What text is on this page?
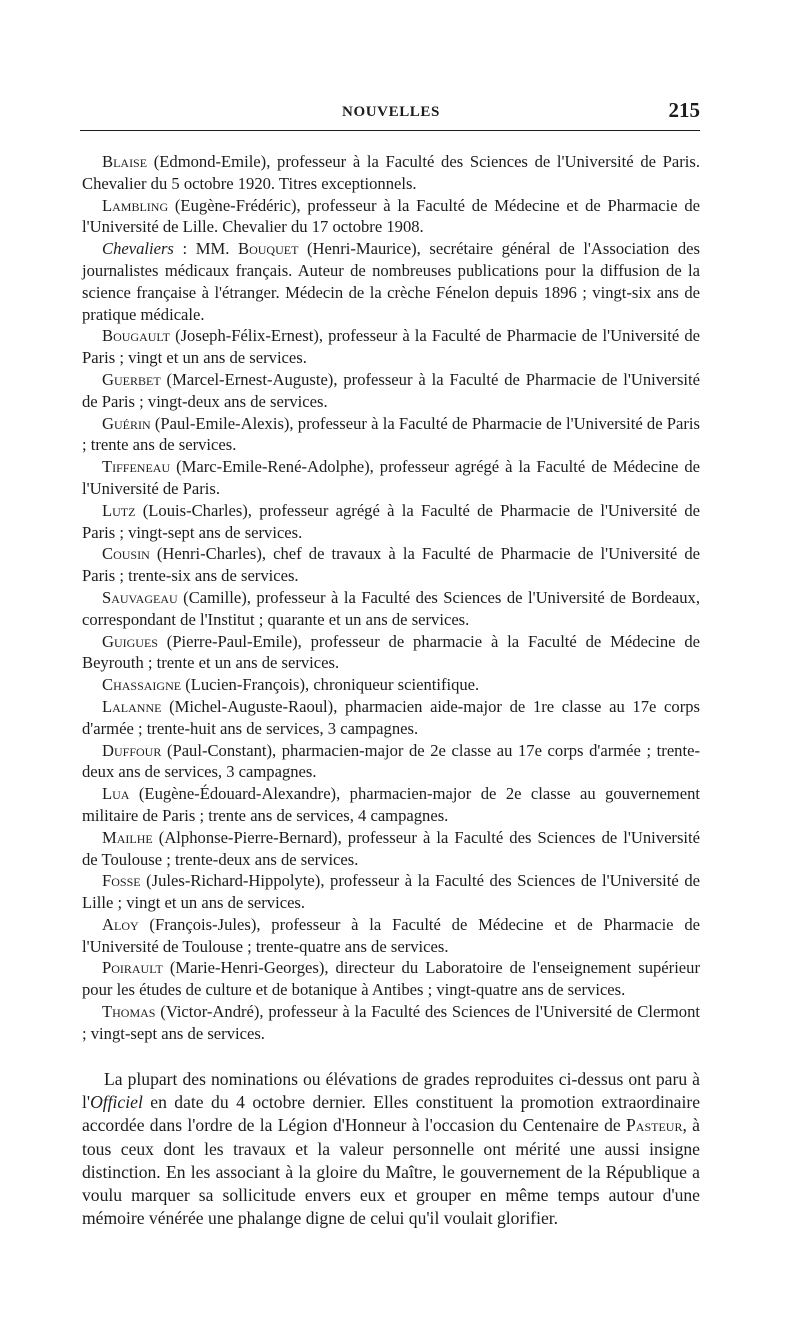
NOUVELLES	215

Blaise (Edmond-Emile), professeur à la Faculté des Sciences de l'Université de Paris. Chevalier du 5 octobre 1920. Titres exceptionnels.

Lambling (Eugène-Frédéric), professeur à la Faculté de Médecine et de Pharmacie de l'Université de Lille. Chevalier du 17 octobre 1908.

Chevaliers : MM. Bouquet (Henri-Maurice), secrétaire général de l'Association des journalistes médicaux français. Auteur de nombreuses publications pour la diffusion de la science française à l'étranger. Médecin de la crèche Fénelon depuis 1896 ; vingt-six ans de pratique médicale.

Bougault (Joseph-Félix-Ernest), professeur à la Faculté de Pharmacie de l'Université de Paris ; vingt et un ans de services.

Guerbet (Marcel-Ernest-Auguste), professeur à la Faculté de Pharmacie de l'Université de Paris ; vingt-deux ans de services.

Guérin (Paul-Emile-Alexis), professeur à la Faculté de Pharmacie de l'Université de Paris ; trente ans de services.

Tiffeneau (Marc-Emile-René-Adolphe), professeur agrégé à la Faculté de Médecine de l'Université de Paris.

Lutz (Louis-Charles), professeur agrégé à la Faculté de Pharmacie de l'Université de Paris ; vingt-sept ans de services.

Cousin (Henri-Charles), chef de travaux à la Faculté de Pharmacie de l'Université de Paris ; trente-six ans de services.

Sauvageau (Camille), professeur à la Faculté des Sciences de l'Université de Bordeaux, correspondant de l'Institut ; quarante et un ans de services.

Guigues (Pierre-Paul-Emile), professeur de pharmacie à la Faculté de Médecine de Beyrouth ; trente et un ans de services.

Chassaigne (Lucien-François), chroniqueur scientifique.

Lalanne (Michel-Auguste-Raoul), pharmacien aide-major de 1re classe au 17e corps d'armée ; trente-huit ans de services, 3 campagnes.

Duffour (Paul-Constant), pharmacien-major de 2e classe au 17e corps d'armée ; trente-deux ans de services, 3 campagnes.

Lua (Eugène-Édouard-Alexandre), pharmacien-major de 2e classe au gouvernement militaire de Paris ; trente ans de services, 4 campagnes.

Mailhe (Alphonse-Pierre-Bernard), professeur à la Faculté des Sciences de l'Université de Toulouse ; trente-deux ans de services.

Fosse (Jules-Richard-Hippolyte), professeur à la Faculté des Sciences de l'Université de Lille ; vingt et un ans de services.

Aloy (François-Jules), professeur à la Faculté de Médecine et de Pharmacie de l'Université de Toulouse ; trente-quatre ans de services.

Poirault (Marie-Henri-Georges), directeur du Laboratoire de l'enseignement supérieur pour les études de culture et de botanique à Antibes ; vingt-quatre ans de services.

Thomas (Victor-André), professeur à la Faculté des Sciences de l'Université de Clermont ; vingt-sept ans de services.

La plupart des nominations ou élévations de grades reproduites ci-dessus ont paru à l'Officiel en date du 4 octobre dernier. Elles constituent la promotion extraordinaire accordée dans l'ordre de la Légion d'Honneur à l'occasion du Centenaire de Pasteur, à tous ceux dont les travaux et la valeur personnelle ont mérité une aussi insigne distinction. En les associant à la gloire du Maître, le gouvernement de la République a voulu marquer sa sollicitude envers eux et grouper en même temps autour d'une mémoire vénérée une phalange digne de celui qu'il voulait glorifier.
